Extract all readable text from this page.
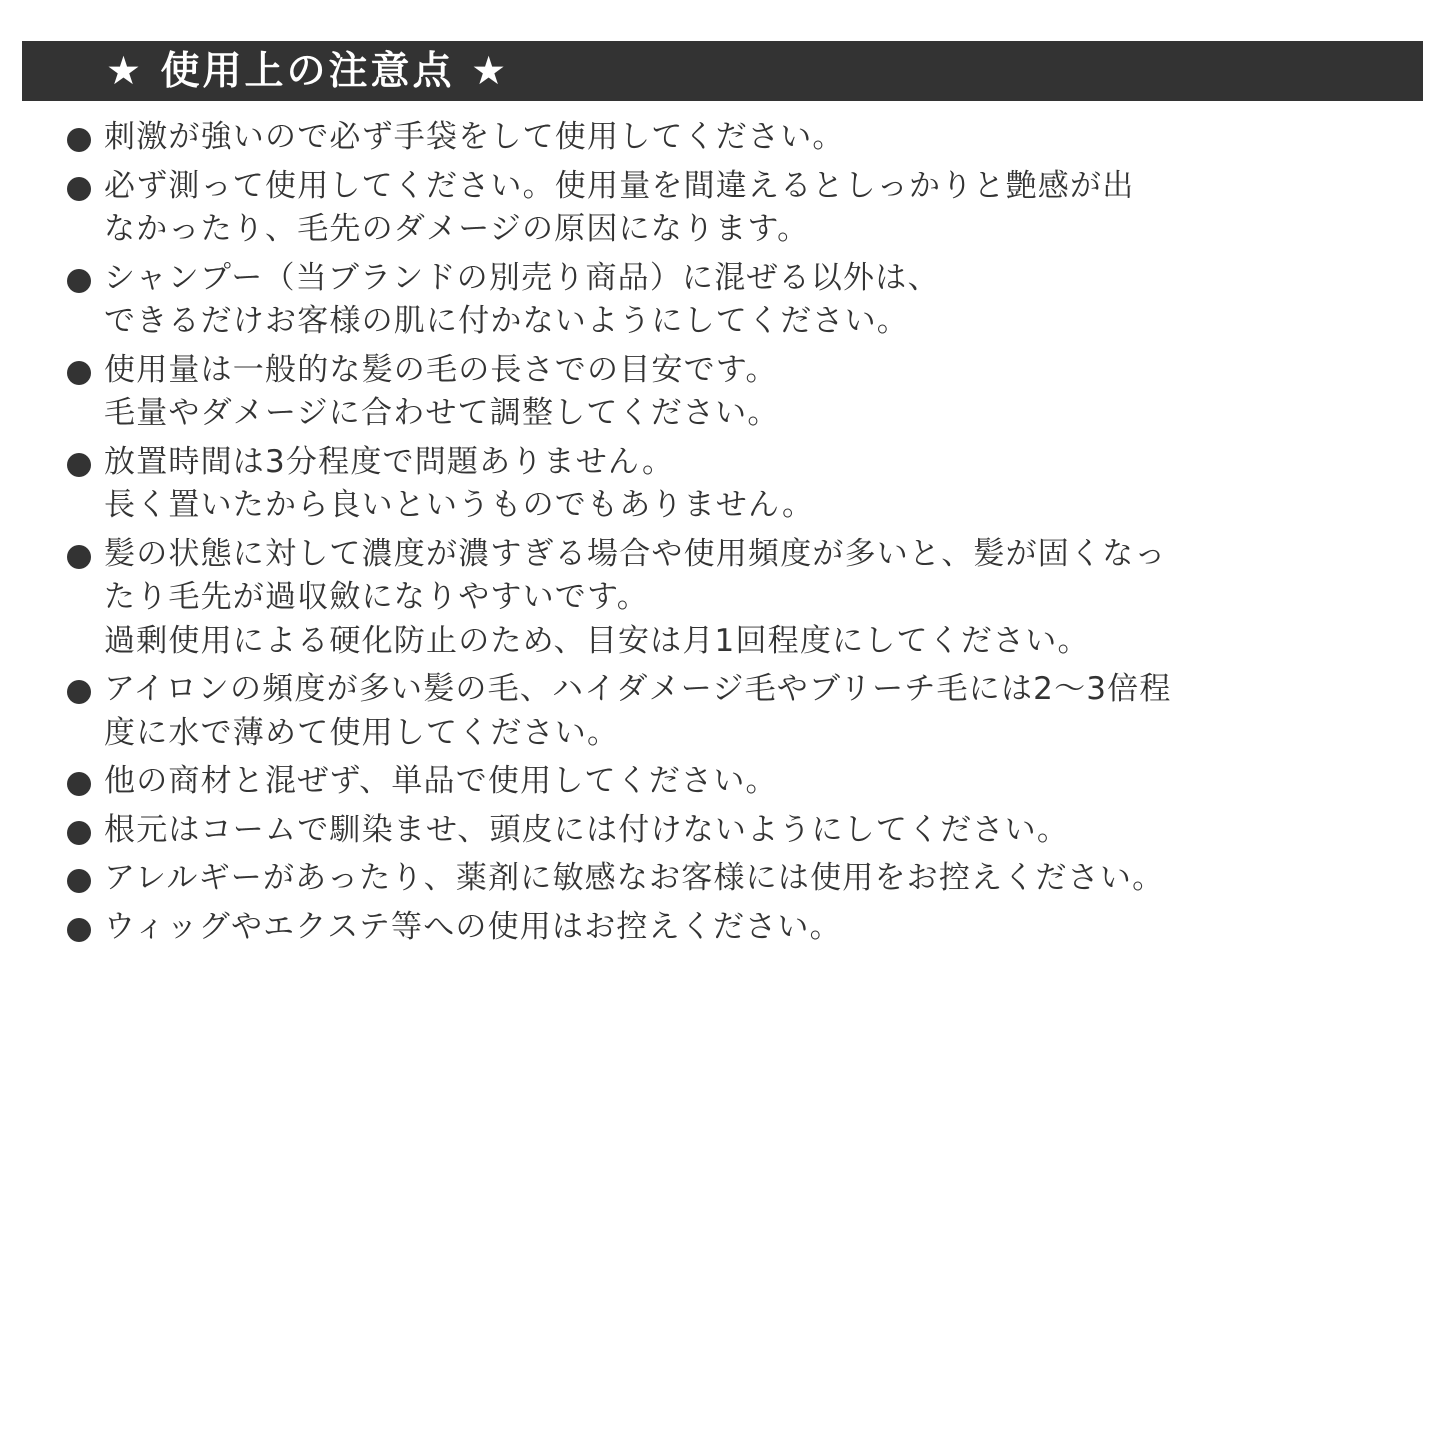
★ 使用上の注意点 ★
刺激が強いので必ず手袋をして使用してください。
必ず測って使用してください。使用量を間違えるとしっかりと艶感が出
なかったり、毛先のダメージの原因になります。
シャンプー（当ブランドの別売り商品）に混ぜる以外は、
できるだけお客様の肌に付かないようにしてください。
使用量は一般的な髪の毛の長さでの目安です。
毛量やダメージに合わせて調整してください。
放置時間は3分程度で問題ありません。
長く置いたから良いというものでもありません。
髪の状態に対して濃度が濃すぎる場合や使用頻度が多いと、髪が固くなっ
たり毛先が過収斂になりやすいです。
過剰使用による硬化防止のため、目安は月1回程度にしてください。
アイロンの頻度が多い髪の毛、ハイダメージ毛やブリーチ毛には2～3倍程
度に水で薄めて使用してください。
他の商材と混ぜず、単品で使用してください。
根元はコームで馴染ませ、頭皮には付けないようにしてください。
アレルギーがあったり、薬剤に敏感なお客様には使用をお控えください。
ウィッグやエクステ等への使用はお控えください。
